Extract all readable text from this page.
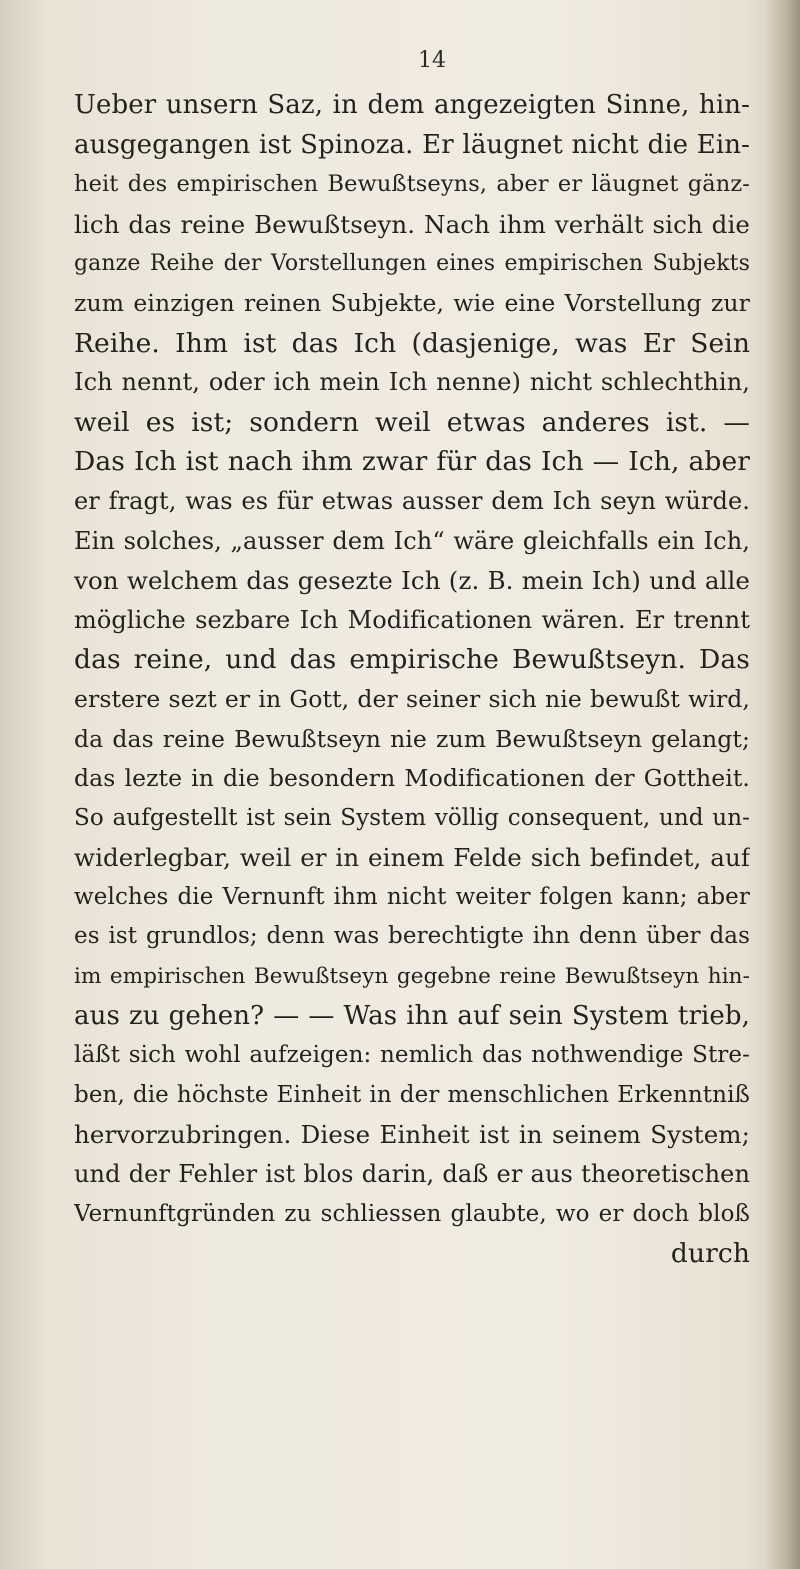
14
Ueber unsern Saz, in dem angezeigten Sinne, hin-
ausgegangen ist Spinoza. Er läugnet nicht die Ein-
heit des empirischen Bewußtseyns, aber er läugnet gänz-
lich das reine Bewußtseyn. Nach ihm verhält sich die
ganze Reihe der Vorstellungen eines empirischen Subjekts
zum einzigen reinen Subjekte, wie eine Vorstellung zur
Reihe. Ihm ist das Ich (dasjenige, was Er Sein
Ich nennt, oder ich mein Ich nenne) nicht schlechthin,
weil es ist; sondern weil etwas anderes ist. —
Das Ich ist nach ihm zwar für das Ich — Ich, aber
er fragt, was es für etwas ausser dem Ich seyn würde.
Ein solches, „ausser dem Ich“ wäre gleichfalls ein Ich,
von welchem das gesezte Ich (z. B. mein Ich) und alle
mögliche sezbare Ich Modificationen wären. Er trennt
das reine, und das empirische Bewußtseyn. Das
erstere sezt er in Gott, der seiner sich nie bewußt wird,
da das reine Bewußtseyn nie zum Bewußtseyn gelangt;
das lezte in die besondern Modificationen der Gottheit.
So aufgestellt ist sein System völlig consequent, und un-
widerlegbar, weil er in einem Felde sich befindet, auf
welches die Vernunft ihm nicht weiter folgen kann; aber
es ist grundlos; denn was berechtigte ihn denn über das
im empirischen Bewußtseyn gegebne reine Bewußtseyn hin-
aus zu gehen? — — Was ihn auf sein System trieb,
läßt sich wohl aufzeigen: nemlich das nothwendige Stre-
ben, die höchste Einheit in der menschlichen Erkenntniß
hervorzubringen. Diese Einheit ist in seinem System;
und der Fehler ist blos darin, daß er aus theoretischen
Vernunftgründen zu schliessen glaubte, wo er doch bloß
durch
